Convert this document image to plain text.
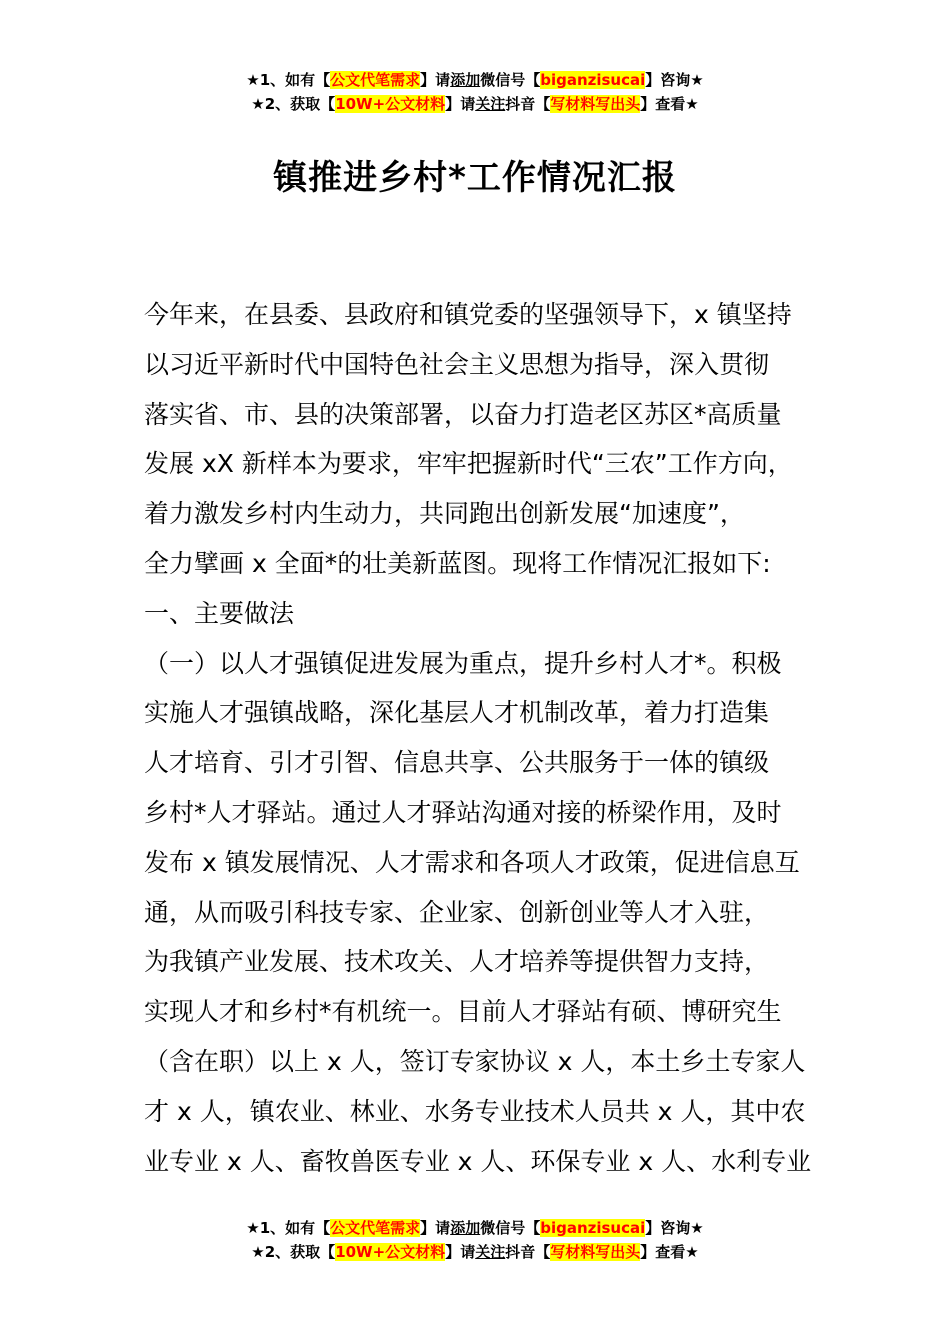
★1、如有【公文代笔需求】请添加微信号【biganzisucai】咨询★
★2、获取【10W+公文材料】请关注抖音【写材料写出头】查看★
镇推进乡村*工作情况汇报
今年来，在县委、县政府和镇党委的坚强领导下，x 镇坚持
以习近平新时代中国特色社会主义思想为指导，深入贯彻
落实省、市、县的决策部署，以奋力打造老区苏区*高质量
发展 xX 新样本为要求，牢牢把握新时代“三农”工作方向，
着力激发乡村内生动力，共同跑出创新发展“加速度”，
全力擘画 x 全面*的壮美新蓝图。现将工作情况汇报如下:
一、主要做法
（一）以人才强镇促进发展为重点，提升乡村人才*。积极
实施人才强镇战略，深化基层人才机制改革，着力打造集
人才培育、引才引智、信息共享、公共服务于一体的镇级
乡村*人才驿站。通过人才驿站沟通对接的桥梁作用，及时
发布 x 镇发展情况、人才需求和各项人才政策，促进信息互
通，从而吸引科技专家、企业家、创新创业等人才入驻，
为我镇产业发展、技术攻关、人才培养等提供智力支持，
实现人才和乡村*有机统一。目前人才驿站有硕、博研究生
（含在职）以上 x 人，签订专家协议 x 人，本土乡土专家人
才 x 人，镇农业、林业、水务专业技术人员共 x 人，其中农
业专业 x 人、畜牧兽医专业 x 人、环保专业 x 人、水利专业
★1、如有【公文代笔需求】请添加微信号【biganzisucai】咨询★
★2、获取【10W+公文材料】请关注抖音【写材料写出头】查看★
